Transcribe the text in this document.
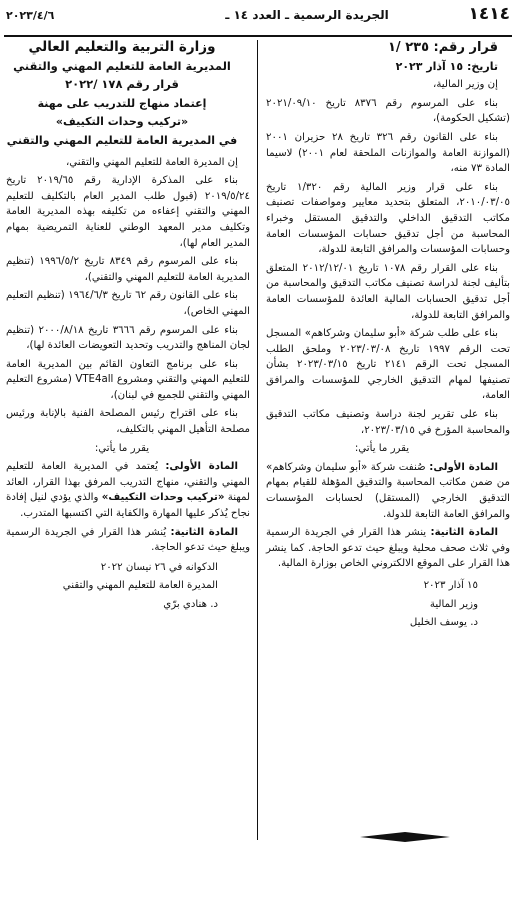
١٤١٤
الجريدة الرسمية ـ العدد ١٤ ـ
٢٠٢٣/٤/٦

قرار رقم: ٢٣٥ /١

تاريخ: ١٥ آذار ٢٠٢٣

إن وزير المالية،

بناء على المرسوم رقم ٨٣٧٦ تاريخ ٢٠٢١/٠٩/١٠ (تشكيل الحكومة)،

بناء على القانون رقم ٣٢٦ تاريخ ٢٨ حزيران ٢٠٠١ (الموازنة العامة والموازنات الملحقة لعام ٢٠٠١) لاسيما المادة ٧٣ منه،

بناء على قرار وزير المالية رقم ١/٣٢٠ تاريخ ٢٠١٠/٠٣/٠٥، المتعلق بتحديد معايير ومواصفات تصنيف مكاتب التدقيق الداخلي والتدقيق المستقل وخبراء المحاسبة من أجل تدقيق حسابات المؤسسات العامة وحسابات المؤسسات والمرافق التابعة للدولة،

بناء على القرار رقم ١٠٧٨ تاريخ ٢٠١٢/١٢/٠١ المتعلق بتأليف لجنة لدراسة تصنيف مكاتب التدقيق والمحاسبة من أجل تدقيق الحسابات المالية العائدة للمؤسسات العامة والمرافق التابعة للدولة،

بناء على طلب شركة «أبو سليمان وشركاهم» المسجل تحت الرقم ١٩٩٧ تاريخ ٢٠٢٣/٠٣/٠٨ وملحق الطلب المسجل تحت الرقم ٢١٤١ تاريخ ٢٠٢٣/٠٣/١٥ بشأن تصنيفها لمهام التدقيق الخارجي للمؤسسات والمرافق العامة،

بناء على تقرير لجنة دراسة وتصنيف مكاتب التدقيق والمحاسبة المؤرخ في ٢٠٢٣/٠٣/١٥،

يقرر ما يأتي:

المادة الأولى: صُنفت شركة «أبو سليمان وشركاهم» من ضمن مكاتب المحاسبة والتدقيق المؤهلة للقيام بمهام التدقيق الخارجي (المستقل) لحسابات المؤسسات والمرافق العامة التابعة للدولة.

المادة الثانية: ينشر هذا القرار في الجريدة الرسمية وفي ثلاث صحف محلية ويبلغ حيث تدعو الحاجة. كما ينشر هذا القرار على الموقع الالكتروني الخاص بوزارة المالية.

١٥ آذار ٢٠٢٣

وزير المالية

د. يوسف الخليل

وزارة التربية والتعليم العالي

المديرية العامة للتعليم المهني والتقني

قرار رقم ١٧٨ /٢٠٢٢

إعتماد منهاج للتدريب على مهنة

«تركيب وحدات التكييف»

في المديرية العامة للتعليم المهني والتقني

إن المديرة العامة للتعليم المهني والتقني،

بناء على المذكرة الإدارية رقم ٢٠١٩/٦٥ تاريخ ٢٠١٩/٥/٢٤ (قبول طلب المدير العام بالتكليف للتعليم المهني والتقني إعفاءه من تكليفه بهذه المديرية العامة وتكليف مدير المعهد الوطني للعناية التمريضية بمهام المدير العام لها)،

بناء على المرسوم رقم ٨٣٤٩ تاريخ ١٩٩٦/٥/٢ (تنظيم المديرية العامة للتعليم المهني والتقني)،

بناء على القانون رقم ٦٢ تاريخ ١٩٦٤/٦/٣ (تنظيم التعليم المهني الخاص)،

بناء على المرسوم رقم ٣٦٦٦ تاريخ ٢٠٠٠/٨/١٨ (تنظيم لجان المناهج والتدريب وتحديد التعويضات العائدة لها)،

بناء على برنامج التعاون القائم بين المديرية العامة للتعليم المهني والتقني ومشروع VTE4all (مشروع التعليم المهني والتقني للجميع في لبنان)،

بناء على اقتراح رئيس المصلحة الفنية بالإنابة ورئيس مصلحة التأهيل المهني بالتكليف،

يقرر ما يأتي:

المادة الأولى: يُعتمد في المديرية العامة للتعليم المهني والتقني، منهاج التدريب المرفق بهذا القرار، العائد لمهنة «تركيب وحدات التكييف» والذي يؤدي لنيل إفادة نجاح يُذكر عليها المهارة والكفاية التي اكتسبها المتدرب.

المادة الثانية: يُنشر هذا القرار في الجريدة الرسمية ويبلغ حيث تدعو الحاجة.

الدكوانه في ٢٦ نيسان ٢٠٢٢

المديرة العامة للتعليم المهني والتقني

د. هنادي برّي
